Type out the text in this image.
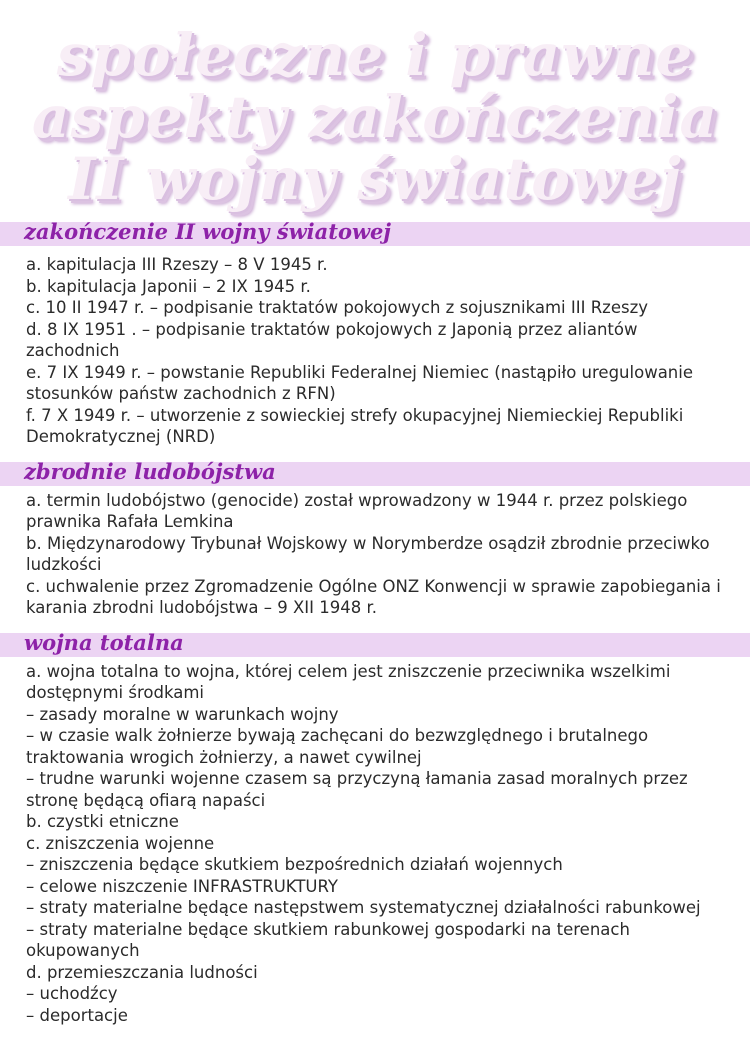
społeczne i prawne
aspekty zakończenia
II wojny światowej
zakończenie II wojny światowej
a. kapitulacja III Rzeszy – 8 V 1945 r.
b. kapitulacja Japonii – 2 IX 1945 r.
c. 10 II 1947 r. – podpisanie traktatów pokojowych z sojusznikami III Rzeszy
d. 8 IX 1951 . – podpisanie traktatów pokojowych z Japonią przez aliantów zachodnich
e. 7 IX 1949 r. – powstanie Republiki Federalnej Niemiec (nastąpiło uregulowanie stosunków państw zachodnich z RFN)
f. 7 X 1949 r. – utworzenie z sowieckiej strefy okupacyjnej Niemieckiej Republiki Demokratycznej (NRD)
zbrodnie ludobójstwa
a. termin ludobójstwo (genocide) został wprowadzony w 1944 r. przez polskiego prawnika Rafała Lemkina
b. Międzynarodowy Trybunał Wojskowy w Norymberdze osądził zbrodnie przeciwko ludzkości
c. uchwalenie przez Zgromadzenie Ogólne ONZ Konwencji w sprawie zapobiegania i karania zbrodni ludobójstwa – 9 XII 1948 r.
wojna totalna
a. wojna totalna to wojna, której celem jest zniszczenie przeciwnika wszelkimi dostępnymi środkami
– zasady moralne w warunkach wojny
– w czasie walk żołnierze bywają zachęcani do bezwzględnego i brutalnego traktowania wrogich żołnierzy, a nawet cywilnej
– trudne warunki wojenne czasem są przyczyną łamania zasad moralnych przez stronę będącą ofiarą napaści
b. czystki etniczne
c. zniszczenia wojenne
– zniszczenia będące skutkiem bezpośrednich działań wojennych
– celowe niszczenie INFRASTRUKTURY
– straty materialne będące następstwem systematycznej działalności rabunkowej
– straty materialne będące skutkiem rabunkowej gospodarki na terenach okupowanych
d. przemieszczania ludności
– uchodźcy
– deportacje
